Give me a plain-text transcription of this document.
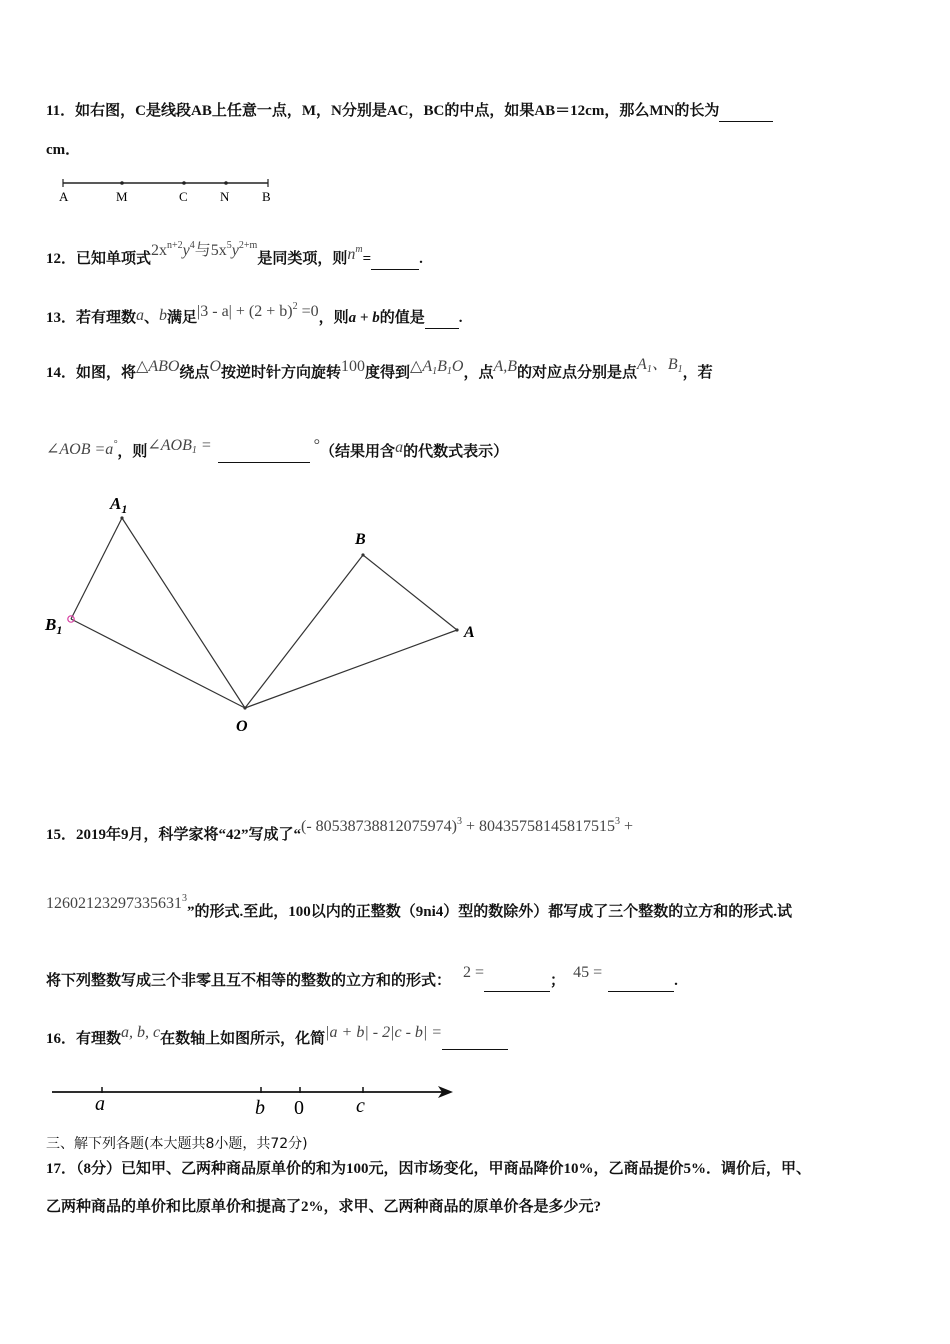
11．如右图，C是线段AB上任意一点，M，N分别是AC，BC的中点，如果AB＝12cm，那么MN的长为
cm．
A	M	C N	B
12．已知单项式$2x^{n+2}y^4$与$5x^5y^{2+m}$是同类项，则$n^m=$	.
13．若有理数a、b满足$|3 - a| + (2 + b)^2 =0$，则a + b的值是 .
14．如图，将△ABO绕点O按逆时针方向旋转100度得到$\triangle A_1B_1O$，点A,B的对应点分别是点$A_1$、$B_1$，若
∠AOB =a°，则$\angle AOB_1$ =	°（结果用含a的代数式表示）
$A_1$
$B_1$
B
A
O
15．2019年9月，科学家将“42”写成了“(- $80538738812075974)^3 + 80435758145817515^3$ +
$12602123297335631^3$”的形式.至此，100以内的正整数（9ni4）型的数除外）都写成了三个整数的立方和的形式.试
将下列整数写成三个非零且互不相等的整数的立方和的形式： 2 =	； 45 =	.
16．有理数a, b, c在数轴上如图所示，化简|a + b| - 2|c - b| =
a	b 0	c
三、解下列各题(本大题共8小题，共72分)
17．（8分）已知甲、乙两种商品原单价的和为100元，因市场变化，甲商品降价10%，乙商品提价5%．调价后，甲、
乙两种商品的单价和比原单价和提高了2%，求甲、乙两种商品的原单价各是多少元?
